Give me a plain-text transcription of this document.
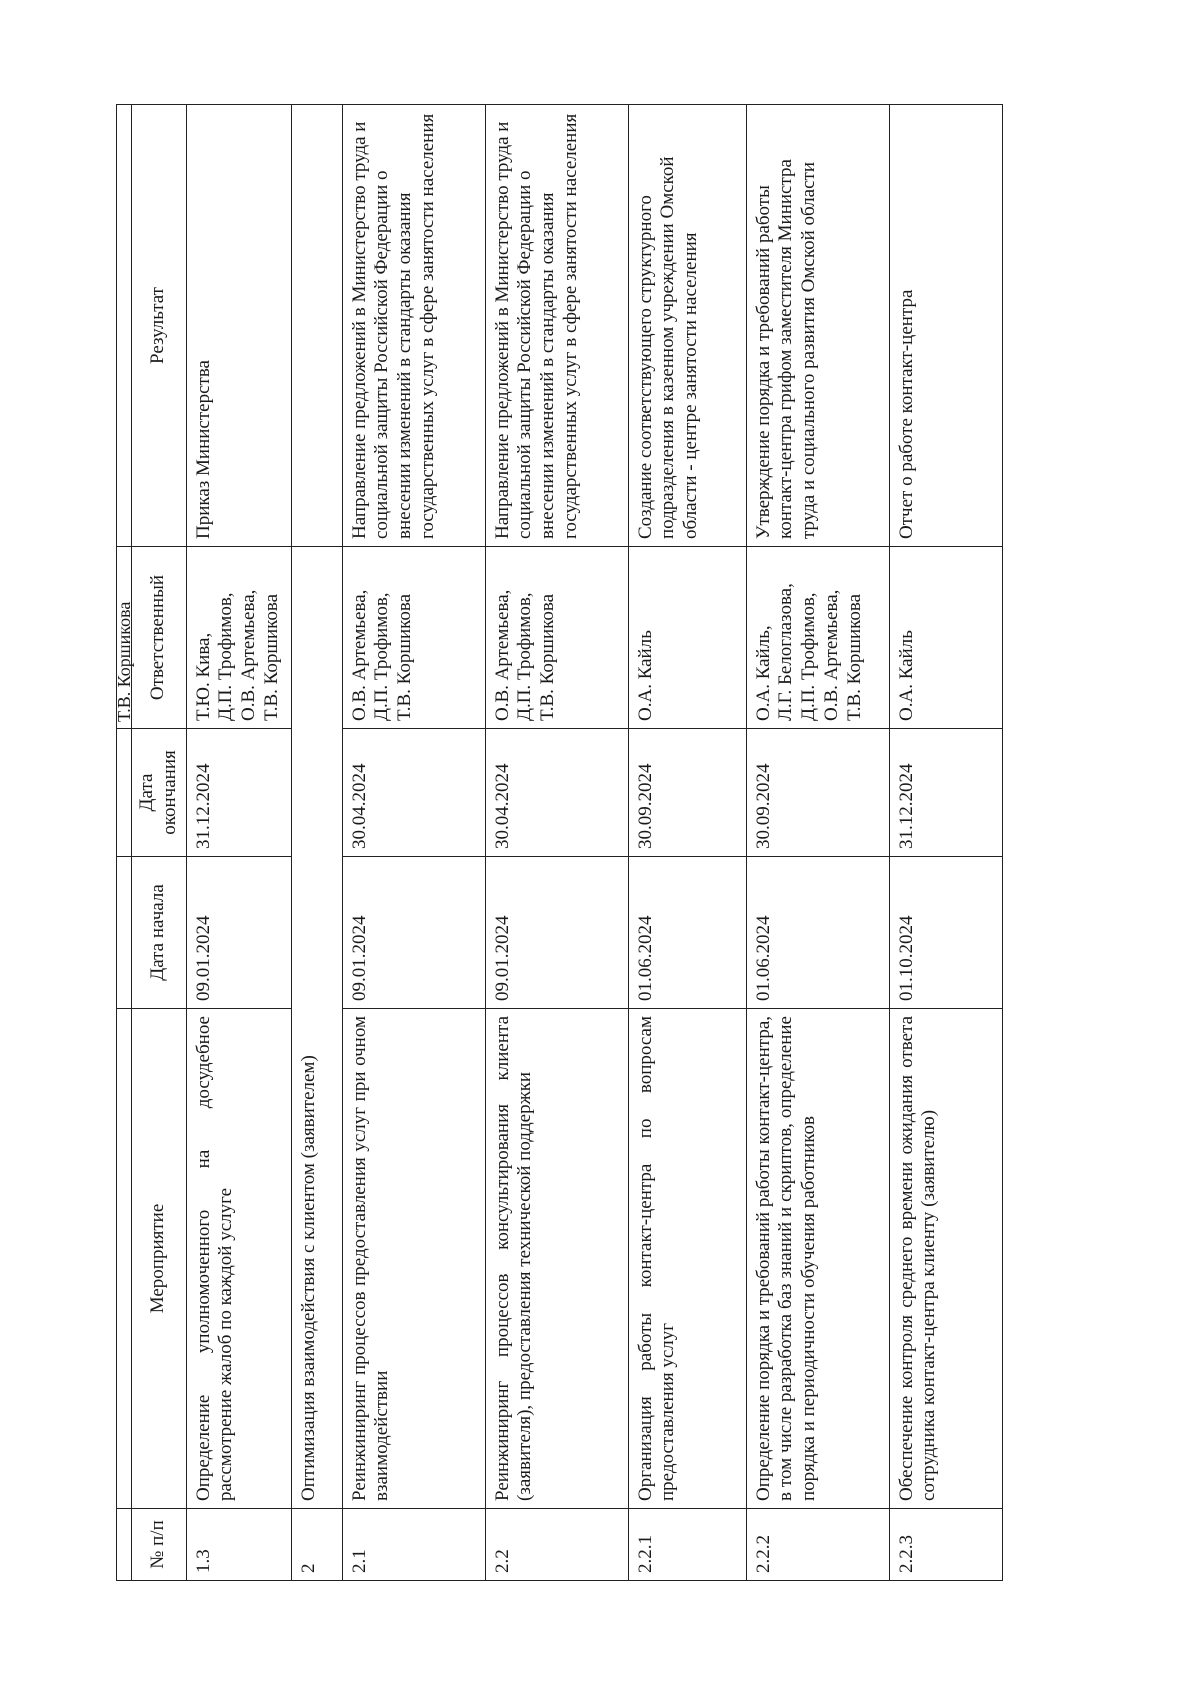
				Т.В. Коршикова	
№ п/п	Мероприятие	Дата начала	Дата окончания	Ответственный	Результат
1.3	Определение уполномоченного на досудебное рассмотрение жалоб по каждой услуге	09.01.2024	31.12.2024	Т.Ю. Кива,
Д.П. Трофимов,
О.В. Артемьева,
Т.В. Коршикова	Приказ Министерства
2	Оптимизация взаимодействия с клиентом (заявителем)				
2.1	Реинжиниринг процессов предоставления услуг при очном взаимодействии	09.01.2024	30.04.2024	О.В. Артемьева,
Д.П. Трофимов,
Т.В. Коршикова	Направление предложений в Министерство труда и социальной защиты Российской Федерации о внесении изменений в стандарты оказания государственных услуг в сфере занятости населения
2.2	Реинжиниринг процессов консультирования клиента (заявителя), предоставления технической поддержки	09.01.2024	30.04.2024	О.В. Артемьева,
Д.П. Трофимов,
Т.В. Коршикова	Направление предложений в Министерство труда и социальной защиты Российской Федерации о внесении изменений в стандарты оказания государственных услуг в сфере занятости населения
2.2.1	Организация работы контакт-центра по вопросам предоставления услуг	01.06.2024	30.09.2024	О.А. Кайль	Создание соответствующего структурного подразделения в казенном учреждении Омской области - центре занятости населения
2.2.2	Определение порядка и требований работы контакт-центра, в том числе разработка баз знаний и скриптов, определение порядка и периодичности обучения работников	01.06.2024	30.09.2024	О.А. Кайль,
Л.Г. Белоглазова,
Д.П. Трофимов,
О.В. Артемьева,
Т.В. Коршикова	Утверждение порядка и требований работы контакт-центра грифом заместителя Министра труда и социального развития Омской области
2.2.3	Обеспечение контроля среднего времени ожидания ответа сотрудника контакт-центра клиенту (заявителю)	01.10.2024	31.12.2024	О.А. Кайль	Отчет о работе контакт-центра
